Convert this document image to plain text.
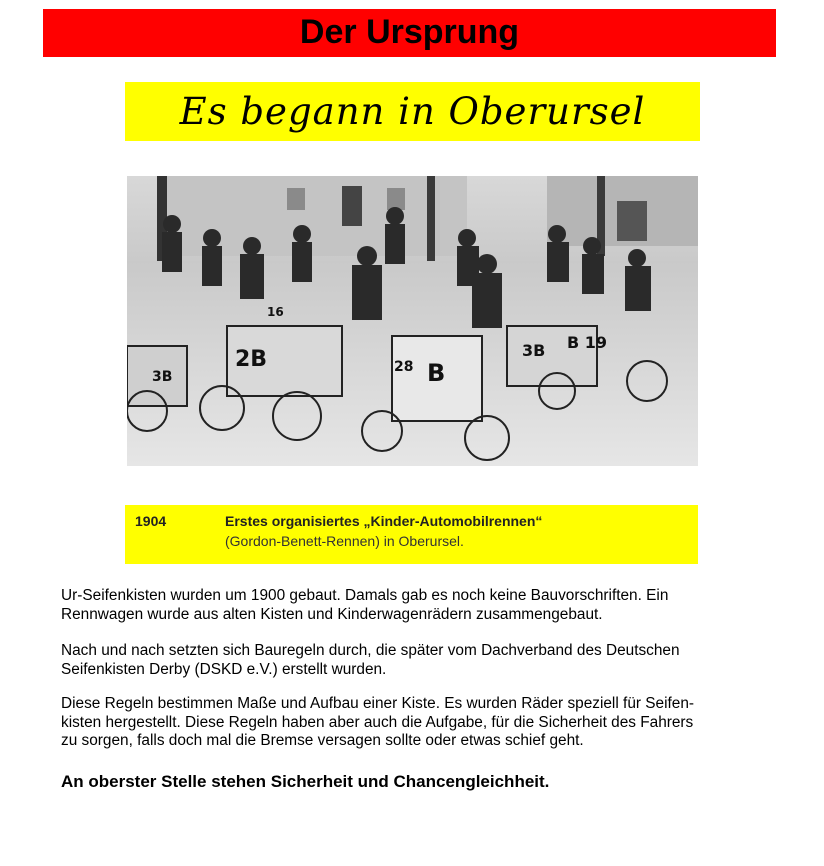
Der Ursprung
Es begann in Oberursel
2B	B
28
3B
16
3B B 19
1904	Erstes organisiertes „Kinder-Automobilrennen“
(Gordon-Benett-Rennen) in Oberursel.
Ur-Seifenkisten wurden um 1900 gebaut. Damals gab es noch keine Bauvorschriften. Ein
Rennwagen wurde aus alten Kisten und Kinderwagenrädern zusammengebaut.
Nach und nach setzten sich Bauregeln durch, die später vom Dachverband des Deutschen
Seifenkisten Derby (DSKD e.V.) erstellt wurden.
Diese Regeln bestimmen Maße und Aufbau einer Kiste. Es wurden Räder speziell für Seifen-
kisten hergestellt. Diese Regeln haben aber auch die Aufgabe, für die Sicherheit des Fahrers
zu sorgen, falls doch mal die Bremse versagen sollte oder etwas schief geht.
An oberster Stelle stehen Sicherheit und Chancengleichheit.
